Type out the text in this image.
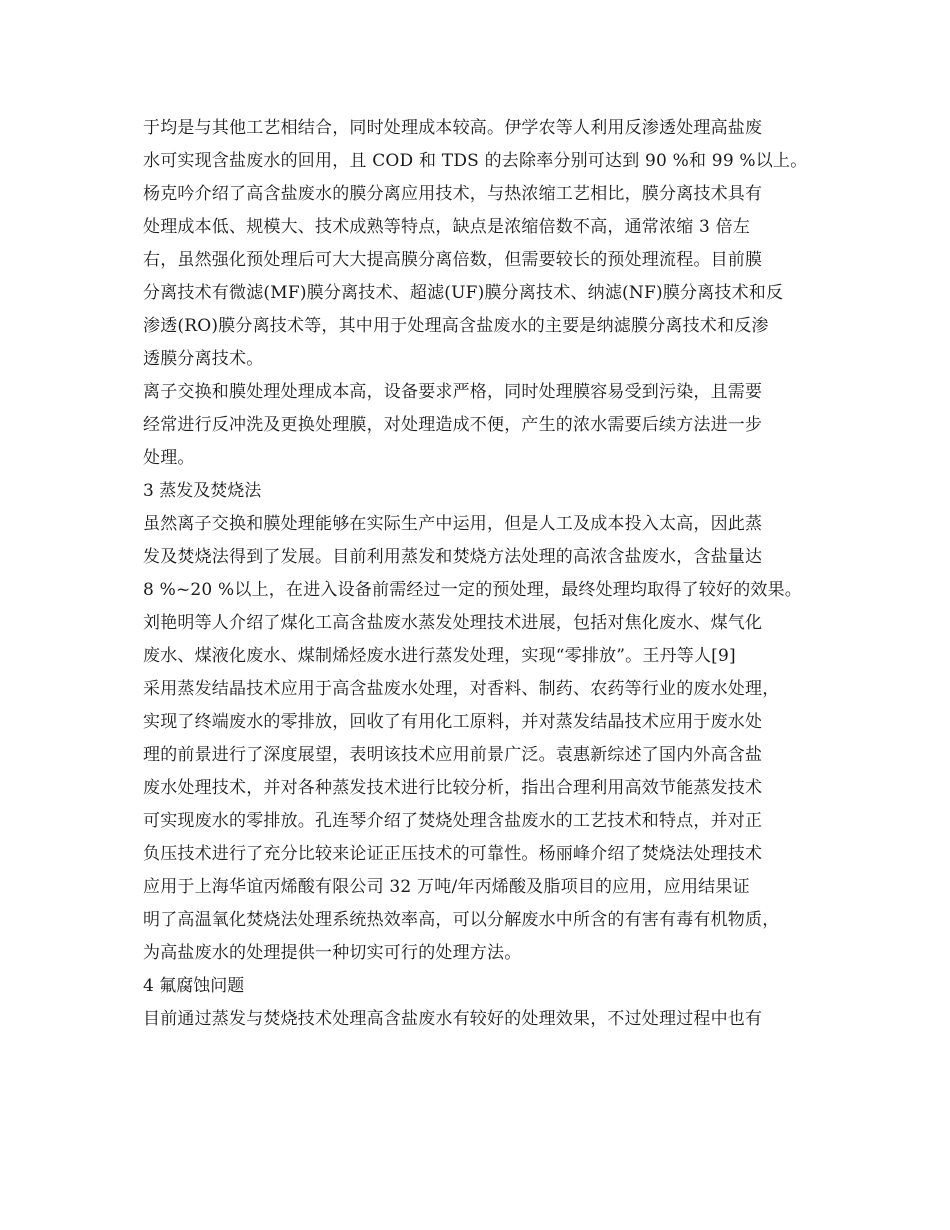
于均是与其他工艺相结合，同时处理成本较高。伊学农等人利用反渗透处理高盐废
水可实现含盐废水的回用，且 COD 和 TDS 的去除率分别可达到 90 %和 99 %以上。
杨克吟介绍了高含盐废水的膜分离应用技术，与热浓缩工艺相比，膜分离技术具有
处理成本低、规模大、技术成熟等特点，缺点是浓缩倍数不高，通常浓缩 3 倍左
右，虽然强化预处理后可大大提高膜分离倍数，但需要较长的预处理流程。目前膜
分离技术有微滤(MF)膜分离技术、超滤(UF)膜分离技术、纳滤(NF)膜分离技术和反
渗透(RO)膜分离技术等，其中用于处理高含盐废水的主要是纳滤膜分离技术和反渗
透膜分离技术。
离子交换和膜处理处理成本高，设备要求严格，同时处理膜容易受到污染，且需要
经常进行反冲洗及更换处理膜，对处理造成不便，产生的浓水需要后续方法进一步
处理。
3 蒸发及焚烧法
虽然离子交换和膜处理能够在实际生产中运用，但是人工及成本投入太高，因此蒸
发及焚烧法得到了发展。目前利用蒸发和焚烧方法处理的高浓含盐废水，含盐量达
8 %~20 %以上，在进入设备前需经过一定的预处理，最终处理均取得了较好的效果。
刘艳明等人介绍了煤化工高含盐废水蒸发处理技术进展，包括对焦化废水、煤气化
废水、煤液化废水、煤制烯烃废水进行蒸发处理，实现“零排放”。王丹等人[9]
采用蒸发结晶技术应用于高含盐废水处理，对香料、制药、农药等行业的废水处理，
实现了终端废水的零排放，回收了有用化工原料，并对蒸发结晶技术应用于废水处
理的前景进行了深度展望，表明该技术应用前景广泛。袁惠新综述了国内外高含盐
废水处理技术，并对各种蒸发技术进行比较分析，指出合理利用高效节能蒸发技术
可实现废水的零排放。孔连琴介绍了焚烧处理含盐废水的工艺技术和特点，并对正
负压技术进行了充分比较来论证正压技术的可靠性。杨丽峰介绍了焚烧法处理技术
应用于上海华谊丙烯酸有限公司 32 万吨/年丙烯酸及脂项目的应用，应用结果证
明了高温氧化焚烧法处理系统热效率高，可以分解废水中所含的有害有毒有机物质，
为高盐废水的处理提供一种切实可行的处理方法。
4 氟腐蚀问题
目前通过蒸发与焚烧技术处理高含盐废水有较好的处理效果，不过处理过程中也有
